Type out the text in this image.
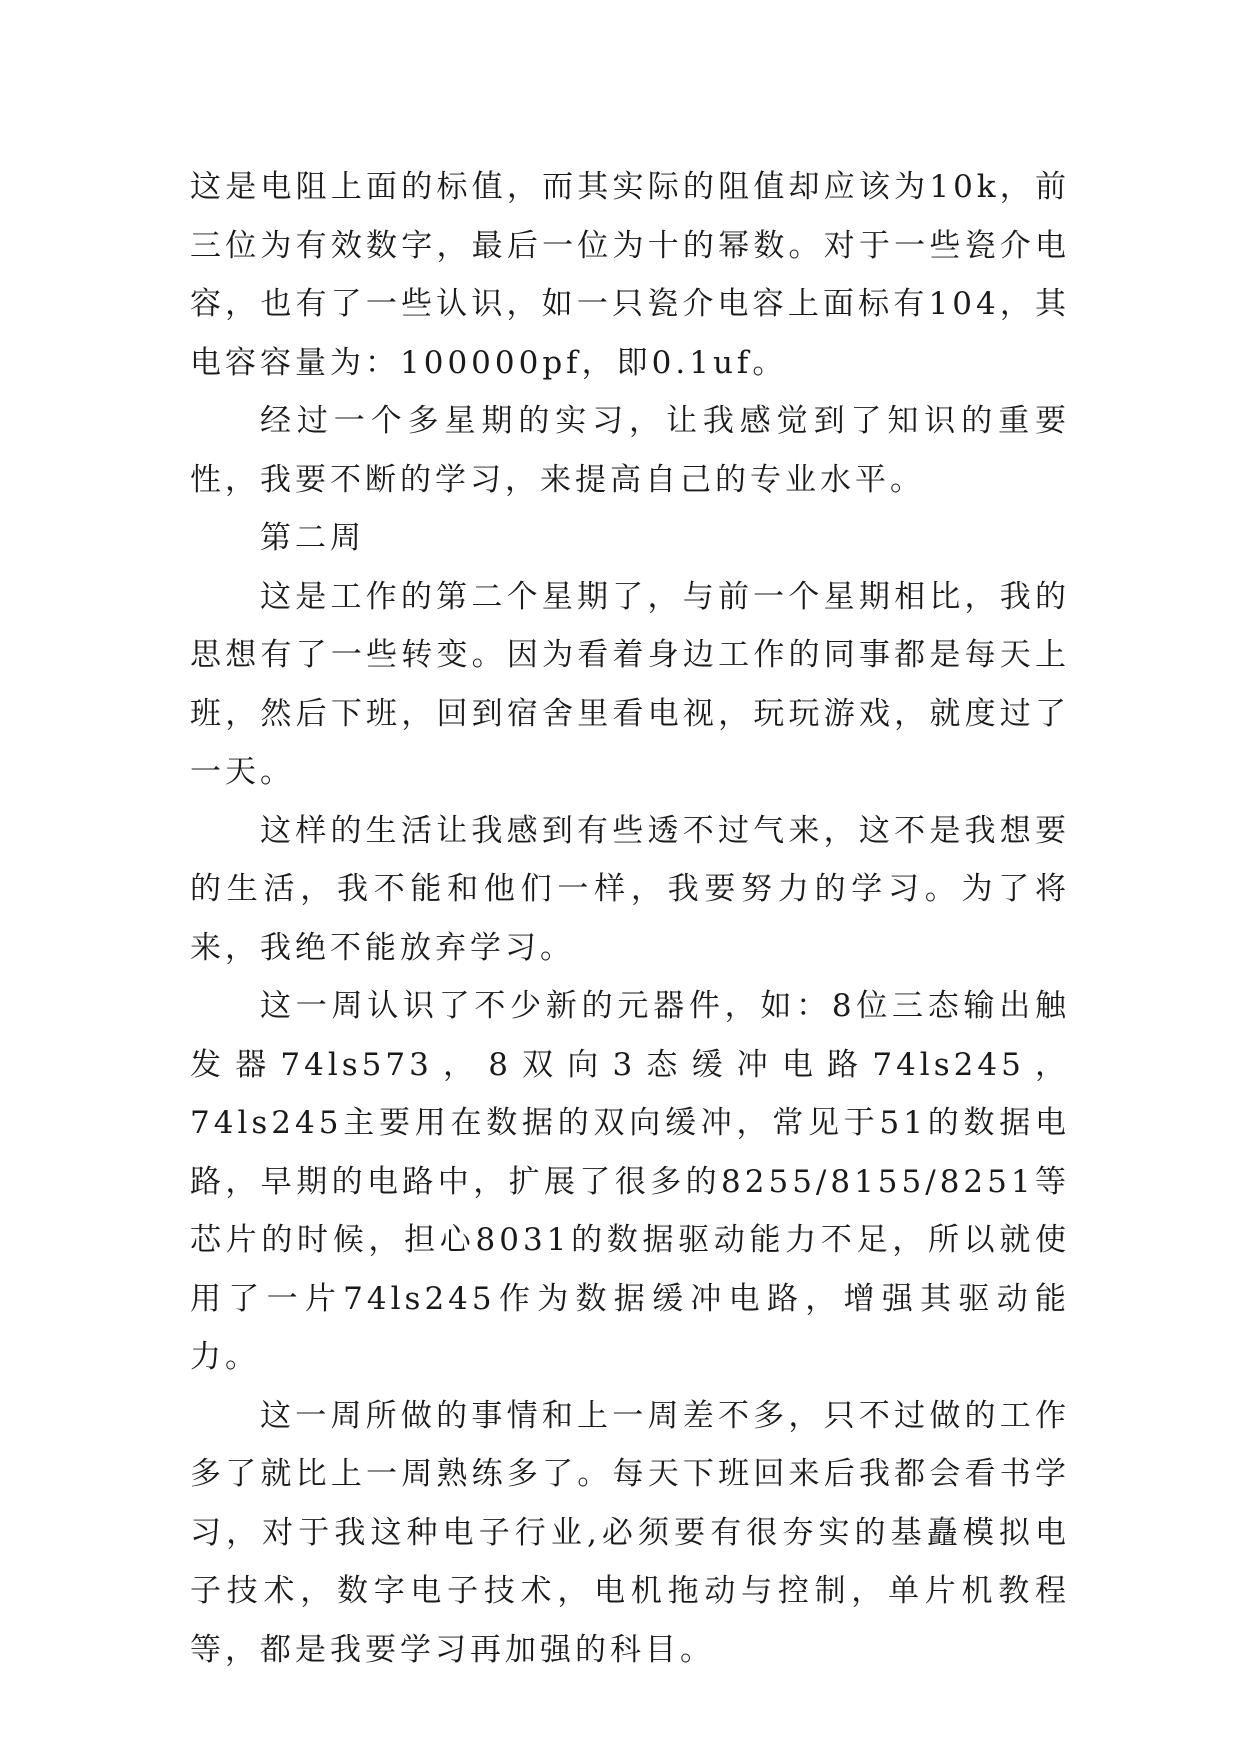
这是电阻上面的标值，而其实际的阻值却应该为10k，前三位为有效数字，最后一位为十的幂数。对于一些瓷介电容，也有了一些认识，如一只瓷介电容上面标有104，其电容容量为：100000pf，即0.1uf。

经过一个多星期的实习，让我感觉到了知识的重要性，我要不断的学习，来提高自己的专业水平。

第二周

这是工作的第二个星期了，与前一个星期相比，我的思想有了一些转变。因为看着身边工作的同事都是每天上班，然后下班，回到宿舍里看电视，玩玩游戏，就度过了一天。

这样的生活让我感到有些透不过气来，这不是我想要的生活，我不能和他们一样，我要努力的学习。为了将来，我绝不能放弃学习。

这一周认识了不少新的元器件，如：8位三态输出触发器74ls573，8双向3态缓冲电路74ls245，74ls245主要用在数据的双向缓冲，常见于51的数据电路，早期的电路中，扩展了很多的8255/8155/8251等芯片的时候，担心8031的数据驱动能力不足，所以就使用了一片74ls245作为数据缓冲电路，增强其驱动能力。

这一周所做的事情和上一周差不多，只不过做的工作多了就比上一周熟练多了。每天下班回来后我都会看书学习，对于我这种电子行业,必须要有很夯实的基矗模拟电子技术，数字电子技术，电机拖动与控制，单片机教程等，都是我要学习再加强的科目。
